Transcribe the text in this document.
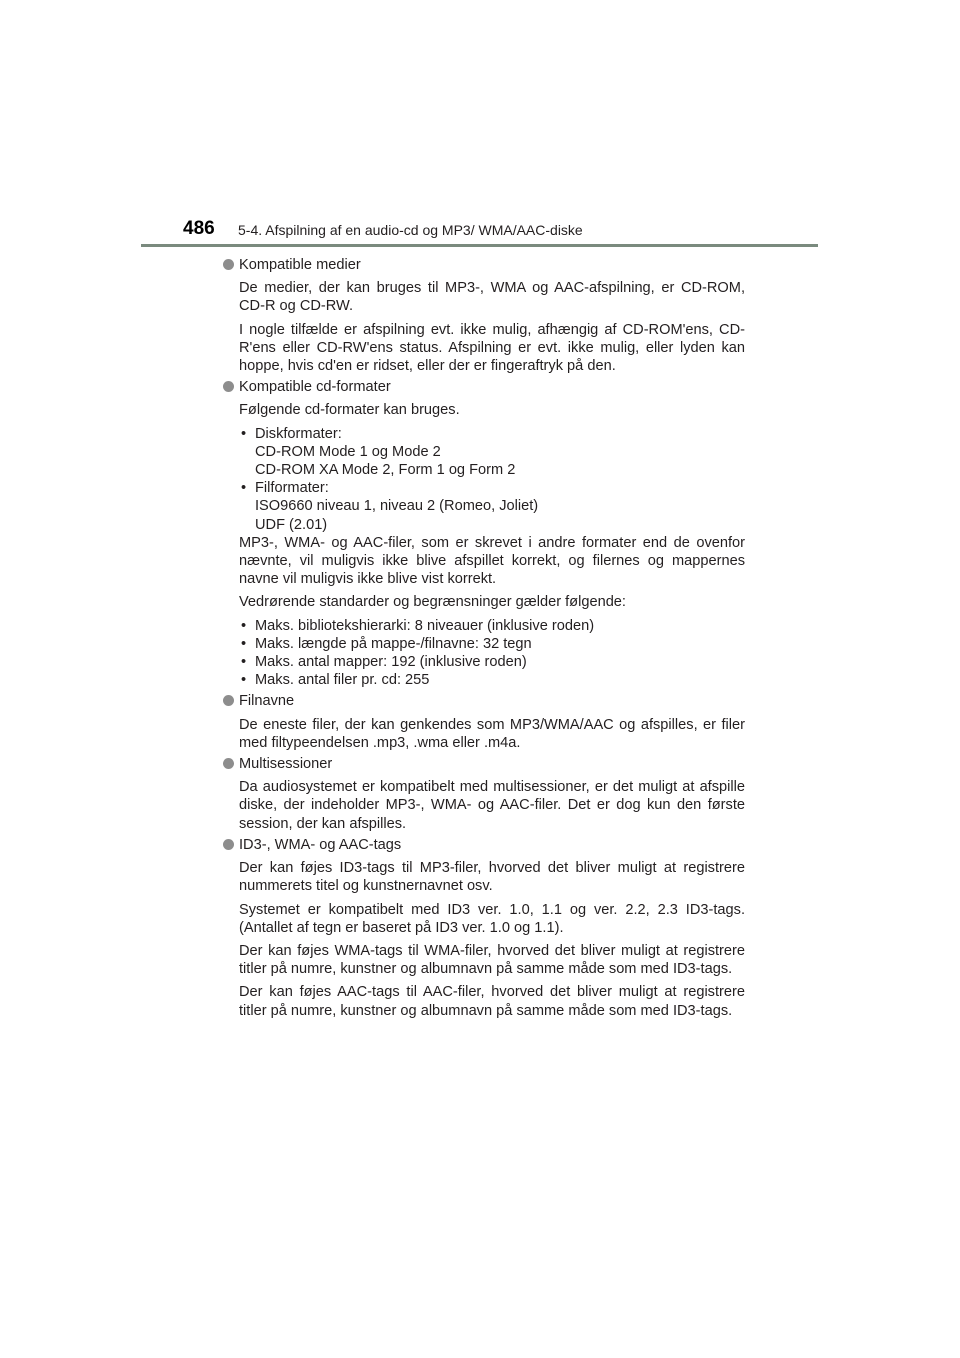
486 5-4. Afspilning af en audio-cd og MP3/ WMA/AAC-diske
Kompatible medier
De medier, der kan bruges til MP3-, WMA og AAC-afspilning, er CD-ROM, CD-R og CD-RW.
I nogle tilfælde er afspilning evt. ikke mulig, afhængig af CD-ROM'ens, CD-R'ens eller CD-RW'ens status. Afspilning er evt. ikke mulig, eller lyden kan hoppe, hvis cd'en er ridset, eller der er fingeraftryk på den.
Kompatible cd-formater
Følgende cd-formater kan bruges.
• Diskformater:
CD-ROM Mode 1 og Mode 2
CD-ROM XA Mode 2, Form 1 og Form 2
• Filformater:
ISO9660 niveau 1, niveau 2 (Romeo, Joliet)
UDF (2.01)
MP3-, WMA- og AAC-filer, som er skrevet i andre formater end de ovenfor nævnte, vil muligvis ikke blive afspillet korrekt, og filernes og mappernes navne vil muligvis ikke blive vist korrekt.
Vedrørende standarder og begrænsninger gælder følgende:
• Maks. bibliotekshierarki: 8 niveauer (inklusive roden)
• Maks. længde på mappe-/filnavne: 32 tegn
• Maks. antal mapper: 192 (inklusive roden)
• Maks. antal filer pr. cd: 255
Filnavne
De eneste filer, der kan genkendes som MP3/WMA/AAC og afspilles, er filer med filtypeendelsen .mp3, .wma eller .m4a.
Multisessioner
Da audiosystemet er kompatibelt med multisessioner, er det muligt at afspille diske, der indeholder MP3-, WMA- og AAC-filer. Det er dog kun den første session, der kan afspilles.
ID3-, WMA- og AAC-tags
Der kan føjes ID3-tags til MP3-filer, hvorved det bliver muligt at registrere nummerets titel og kunstnernavnet osv.
Systemet er kompatibelt med ID3 ver. 1.0, 1.1 og ver. 2.2, 2.3 ID3-tags. (Antallet af tegn er baseret på ID3 ver. 1.0 og 1.1).
Der kan føjes WMA-tags til WMA-filer, hvorved det bliver muligt at registrere titler på numre, kunstner og albumnavn på samme måde som med ID3-tags.
Der kan føjes AAC-tags til AAC-filer, hvorved det bliver muligt at registrere titler på numre, kunstner og albumnavn på samme måde som med ID3-tags.
